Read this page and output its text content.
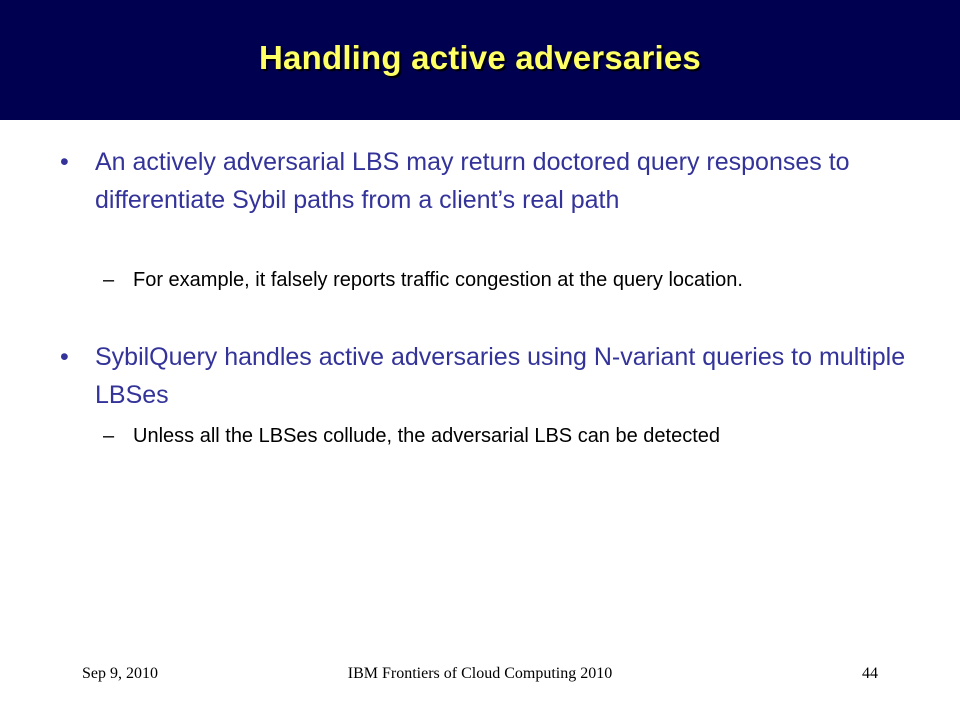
Handling active adversaries
• An actively adversarial LBS may return doctored query responses to differentiate Sybil paths from a client’s real path
– For example, it falsely reports traffic congestion at the query location.
• SybilQuery handles active adversaries using N-variant queries to multiple LBSes
– Unless all the LBSes collude, the adversarial LBS can be detected
Sep 9, 2010	IBM Frontiers of Cloud Computing 2010	44
